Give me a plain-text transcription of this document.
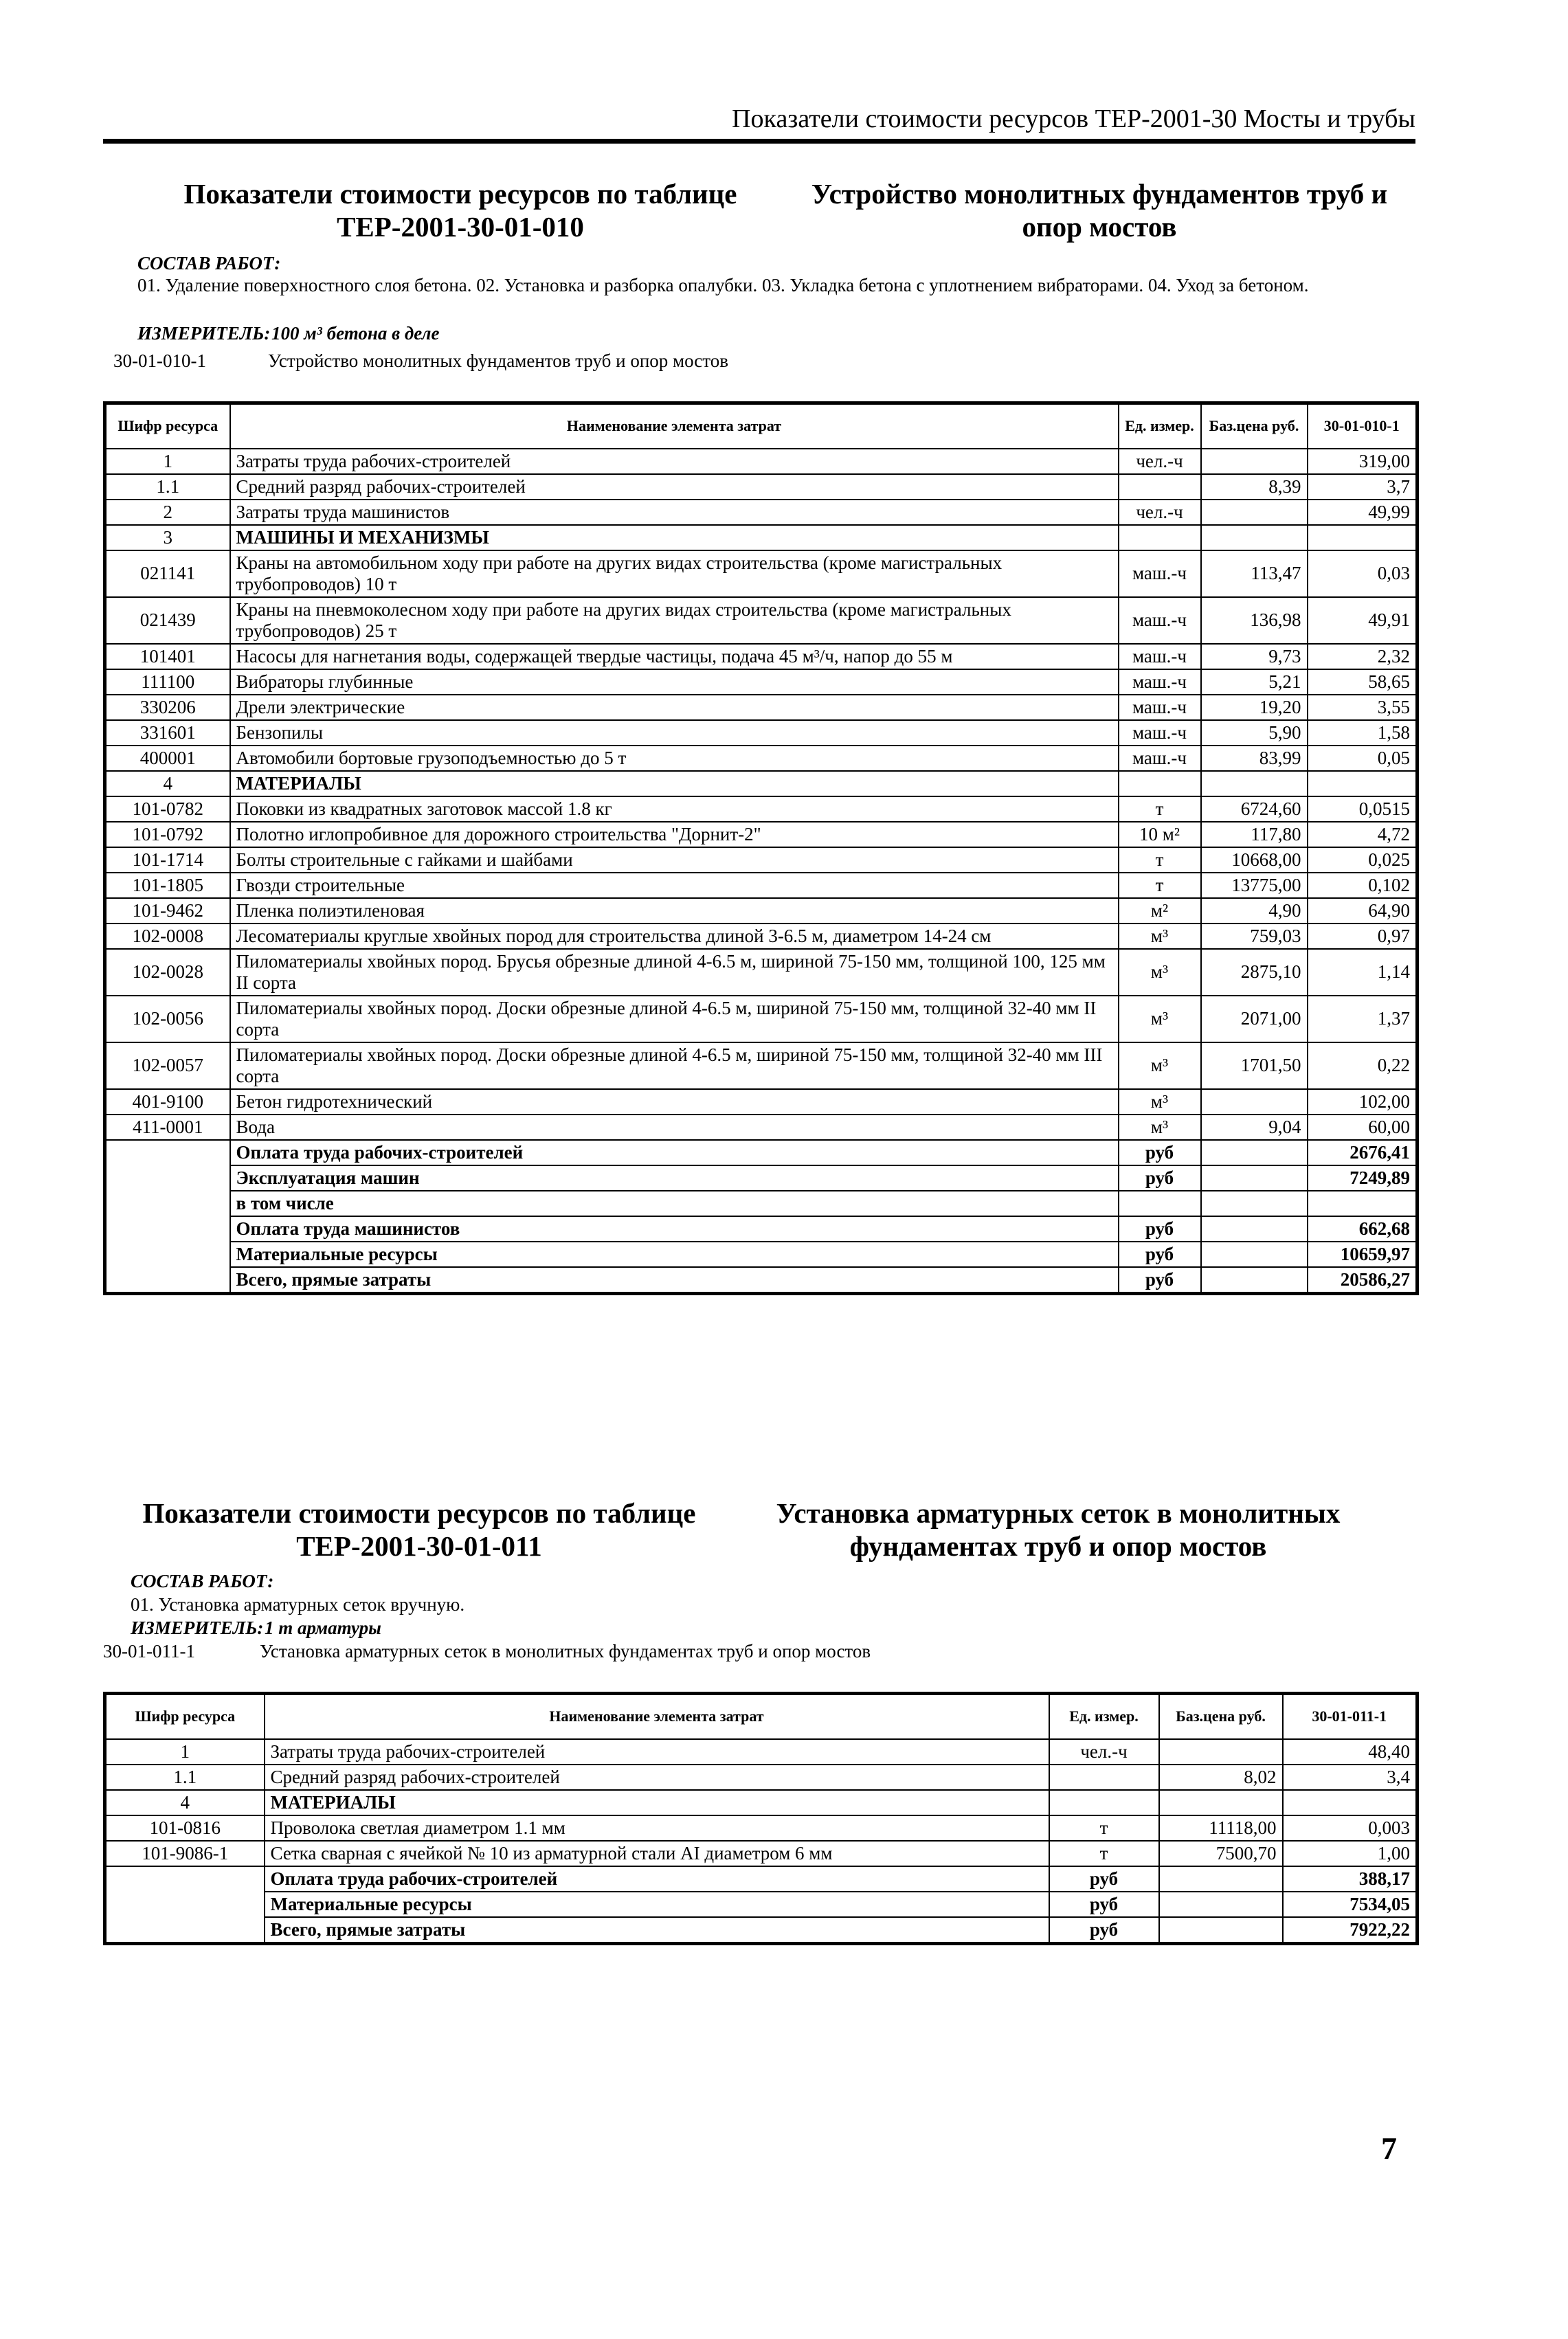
Показатели стоимости ресурсов ТЕР-2001-30 Мосты и трубы
Показатели стоимости ресурсов по таблице ТЕР-2001-30-01-010
Устройство монолитных фундаментов труб и опор мостов
СОСТАВ РАБОТ:
01. Удаление поверхностного слоя бетона. 02. Установка и разборка опалубки. 03. Укладка бетона с уплотнением вибраторами. 04. Уход за бетоном.
ИЗМЕРИТЕЛЬ: 100 м³ бетона в деле
30-01-010-1	Устройство монолитных фундаментов труб и опор мостов
Шифр ресурса	Наименование элемента затрат	Ед. измер.	Баз.цена руб.	30-01-010-1
1	Затраты труда рабочих-строителей	чел.-ч		319,00
1.1	Средний разряд рабочих-строителей		8,39	3,7
2	Затраты труда машинистов	чел.-ч		49,99
3	МАШИНЫ И МЕХАНИЗМЫ			
021141	Краны на автомобильном ходу при работе на других видах строительства (кроме магистральных трубопроводов) 10 т	маш.-ч	113,47	0,03
021439	Краны на пневмоколесном ходу при работе на других видах строительства (кроме магистральных трубопроводов) 25 т	маш.-ч	136,98	49,91
101401	Насосы для нагнетания воды, содержащей твердые частицы, подача 45 м³/ч, напор до 55 м	маш.-ч	9,73	2,32
111100	Вибраторы глубинные	маш.-ч	5,21	58,65
330206	Дрели электрические	маш.-ч	19,20	3,55
331601	Бензопилы	маш.-ч	5,90	1,58
400001	Автомобили бортовые грузоподъемностью до 5 т	маш.-ч	83,99	0,05
4	МАТЕРИАЛЫ			
101-0782	Поковки из квадратных заготовок массой 1.8 кг	т	6724,60	0,0515
101-0792	Полотно иглопробивное для дорожного строительства "Дорнит-2"	10 м²	117,80	4,72
101-1714	Болты строительные с гайками и шайбами	т	10668,00	0,025
101-1805	Гвозди строительные	т	13775,00	0,102
101-9462	Пленка полиэтиленовая	м²	4,90	64,90
102-0008	Лесоматериалы круглые хвойных пород для строительства длиной 3-6.5 м, диаметром 14-24 см	м³	759,03	0,97
102-0028	Пиломатериалы хвойных пород. Брусья обрезные длиной 4-6.5 м, шириной 75-150 мм, толщиной 100, 125 мм II сорта	м³	2875,10	1,14
102-0056	Пиломатериалы хвойных пород. Доски обрезные длиной 4-6.5 м, шириной 75-150 мм, толщиной 32-40 мм II сорта	м³	2071,00	1,37
102-0057	Пиломатериалы хвойных пород. Доски обрезные длиной 4-6.5 м, шириной 75-150 мм, толщиной 32-40 мм III сорта	м³	1701,50	0,22
401-9100	Бетон гидротехнический	м³		102,00
411-0001	Вода	м³	9,04	60,00
	Оплата труда рабочих-строителей	руб		2676,41
	Эксплуатация машин	руб		7249,89
	в том числе			
	Оплата труда машинистов	руб		662,68
	Материальные ресурсы	руб		10659,97
	Всего, прямые затраты	руб		20586,27
Показатели стоимости ресурсов по таблице ТЕР-2001-30-01-011
Установка арматурных сеток в монолитных фундаментах труб и опор мостов
СОСТАВ РАБОТ:
01. Установка арматурных сеток вручную.
ИЗМЕРИТЕЛЬ: 1 т арматуры
30-01-011-1	Установка арматурных сеток в монолитных фундаментах труб и опор мостов
Шифр ресурса	Наименование элемента затрат	Ед. измер.	Баз.цена руб.	30-01-011-1
1	Затраты труда рабочих-строителей	чел.-ч		48,40
1.1	Средний разряд рабочих-строителей		8,02	3,4
4	МАТЕРИАЛЫ			
101-0816	Проволока светлая диаметром 1.1 мм	т	11118,00	0,003
101-9086-1	Сетка сварная с ячейкой № 10 из арматурной стали AI диаметром 6 мм	т	7500,70	1,00
	Оплата труда рабочих-строителей	руб		388,17
	Материальные ресурсы	руб		7534,05
	Всего, прямые затраты	руб		7922,22
7
